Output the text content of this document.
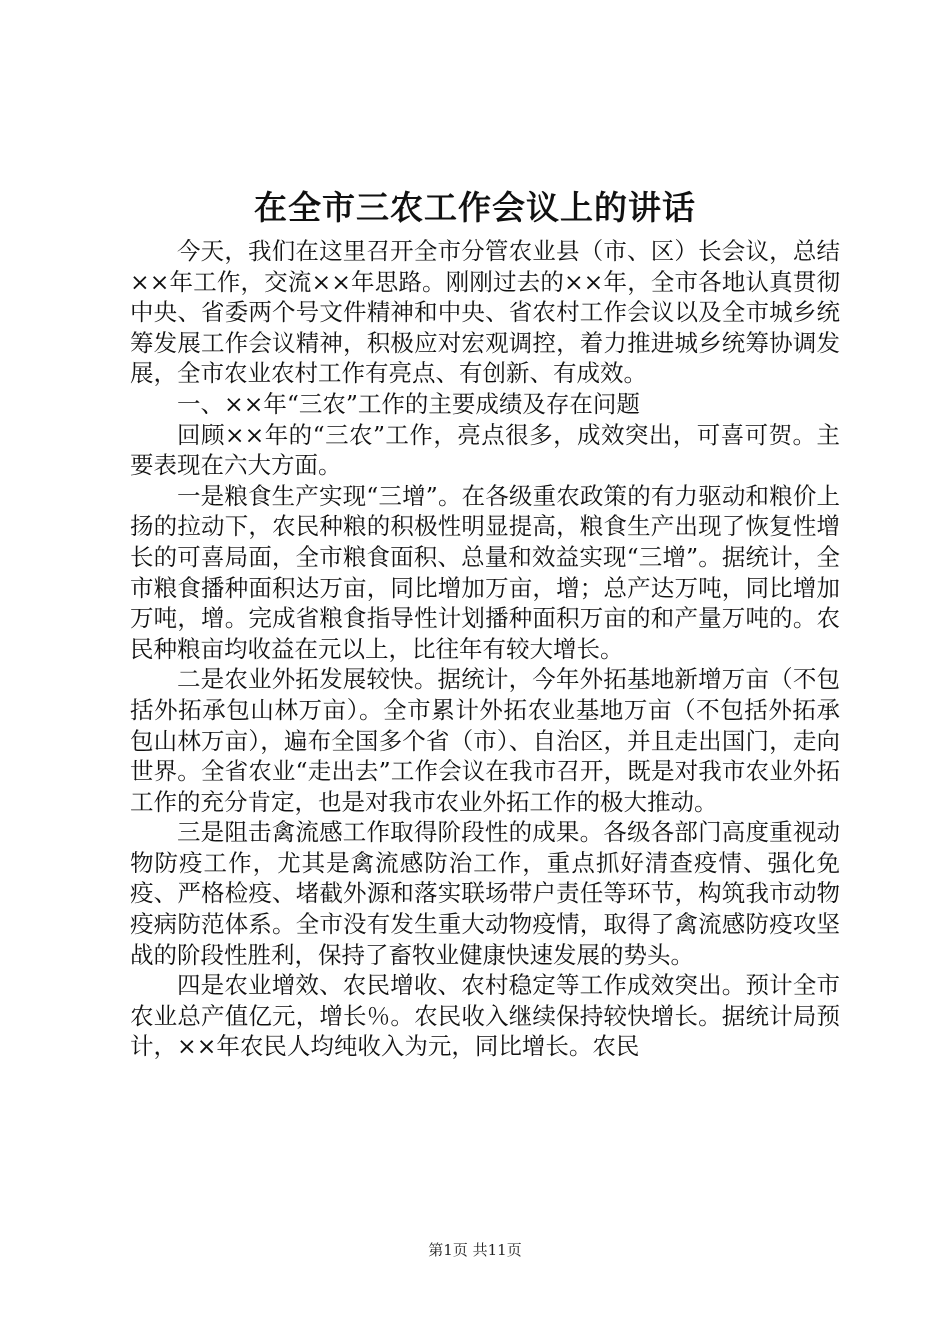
在全市三农工作会议上的讲话

今天，我们在这里召开全市分管农业县（市、区）长会议，总结××年工作，交流××年思路。刚刚过去的××年，全市各地认真贯彻中央、省委两个号文件精神和中央、省农村工作会议以及全市城乡统筹发展工作会议精神，积极应对宏观调控，着力推进城乡统筹协调发展，全市农业农村工作有亮点、有创新、有成效。

一、××年“三农”工作的主要成绩及存在问题

回顾××年的“三农”工作，亮点很多，成效突出，可喜可贺。主要表现在六大方面。

一是粮食生产实现“三增”。在各级重农政策的有力驱动和粮价上扬的拉动下，农民种粮的积极性明显提高，粮食生产出现了恢复性增长的可喜局面，全市粮食面积、总量和效益实现“三增”。据统计，全市粮食播种面积达万亩，同比增加万亩，增；总产达万吨，同比增加万吨，增。完成省粮食指导性计划播种面积万亩的和产量万吨的。农民种粮亩均收益在元以上，比往年有较大增长。

二是农业外拓发展较快。据统计，今年外拓基地新增万亩（不包括外拓承包山林万亩）。全市累计外拓农业基地万亩（不包括外拓承包山林万亩），遍布全国多个省（市）、自治区，并且走出国门，走向世界。全省农业“走出去”工作会议在我市召开，既是对我市农业外拓工作的充分肯定，也是对我市农业外拓工作的极大推动。

三是阻击禽流感工作取得阶段性的成果。各级各部门高度重视动物防疫工作，尤其是禽流感防治工作，重点抓好清查疫情、强化免疫、严格检疫、堵截外源和落实联场带户责任等环节，构筑我市动物疫病防范体系。全市没有发生重大动物疫情，取得了禽流感防疫攻坚战的阶段性胜利，保持了畜牧业健康快速发展的势头。

四是农业增效、农民增收、农村稳定等工作成效突出。预计全市农业总产值亿元，增长％。农民收入继续保持较快增长。据统计局预计，××年农民人均纯收入为元，同比增长。农民

第1页 共11页
